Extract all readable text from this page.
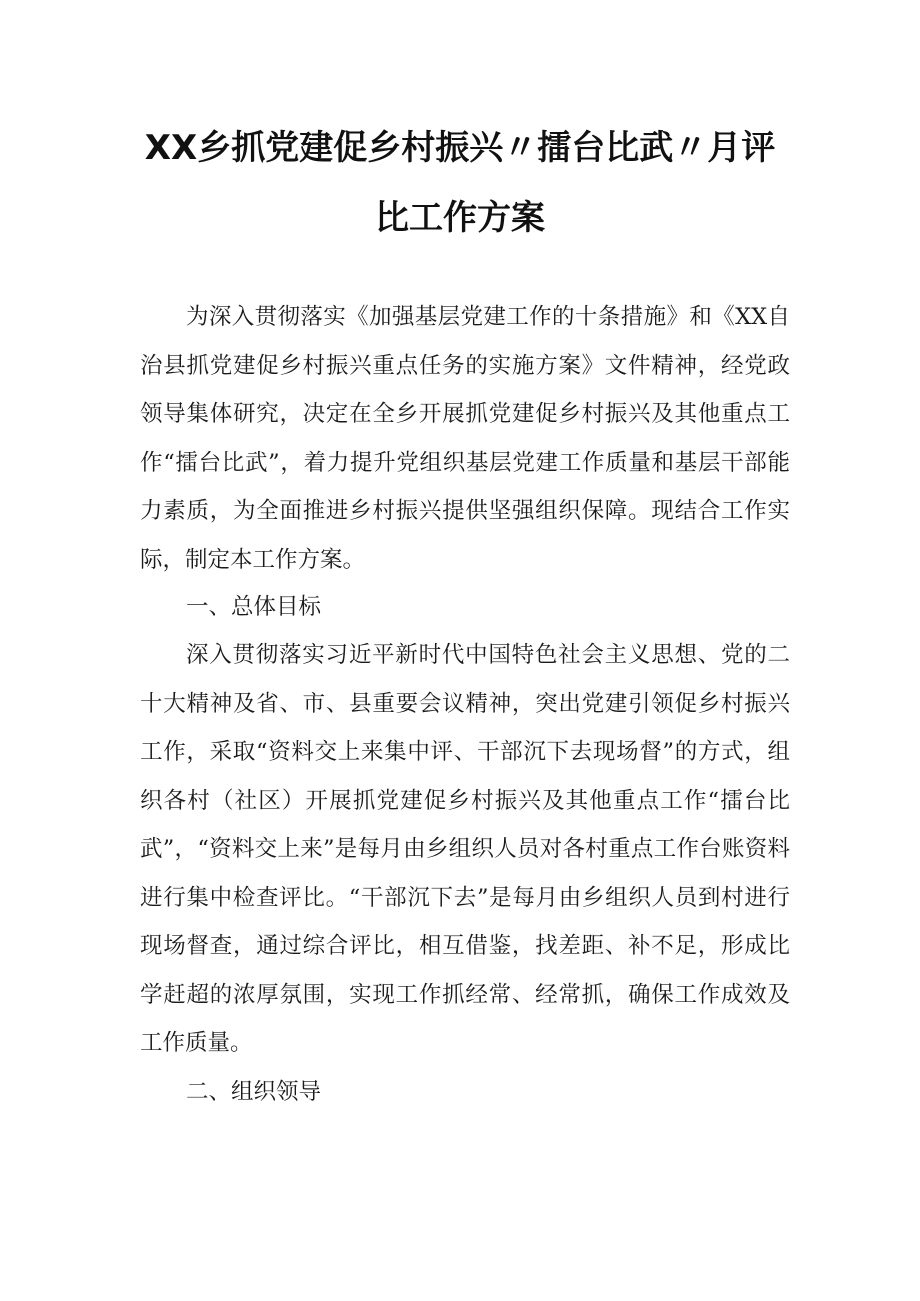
XX乡抓党建促乡村振兴〃擂台比武〃月评
比工作方案
为深入贯彻落实《加强基层党建工作的十条措施》和《XX自治县抓党建促乡村振兴重点任务的实施方案》文件精神，经党政领导集体研究，决定在全乡开展抓党建促乡村振兴及其他重点工作“擂台比武”，着力提升党组织基层党建工作质量和基层干部能力素质，为全面推进乡村振兴提供坚强组织保障。现结合工作实际，制定本工作方案。
一、总体目标
深入贯彻落实习近平新时代中国特色社会主义思想、党的二十大精神及省、市、县重要会议精神，突出党建引领促乡村振兴工作，采取“资料交上来集中评、干部沉下去现场督”的方式，组织各村（社区）开展抓党建促乡村振兴及其他重点工作“擂台比武”，“资料交上来”是每月由乡组织人员对各村重点工作台账资料进行集中检查评比。“干部沉下去”是每月由乡组织人员到村进行现场督查，通过综合评比，相互借鉴，找差距、补不足，形成比学赶超的浓厚氛围，实现工作抓经常、经常抓，确保工作成效及工作质量。
二、组织领导
